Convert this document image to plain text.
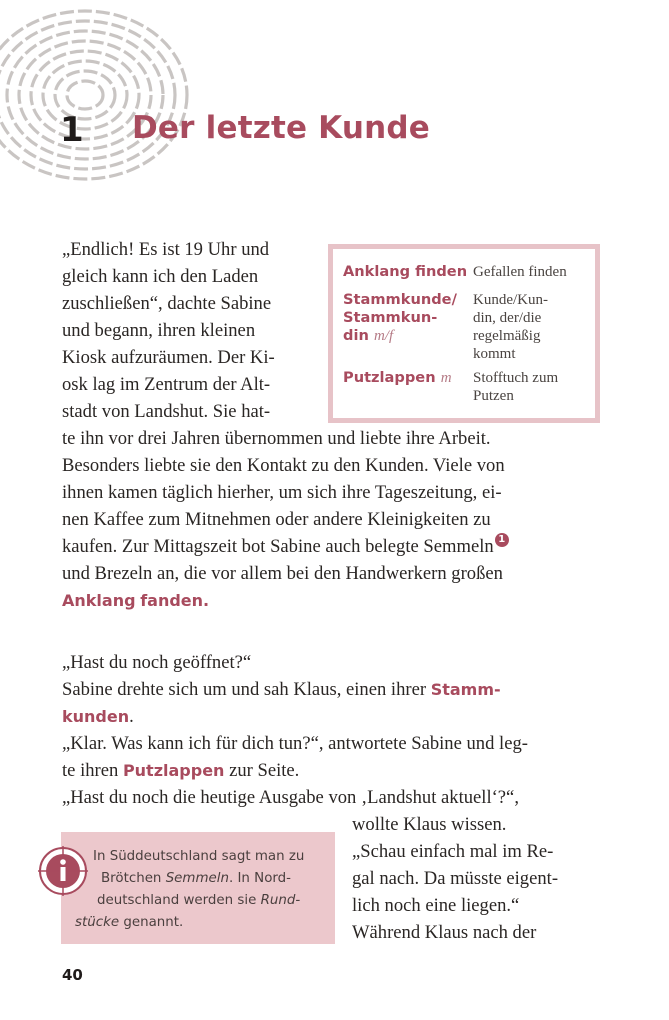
1 Der letzte Kunde
Anklang finden Gefallen finden
Stammkunde/
Stammkun-
din m/f
Kunde/Kun-
din, der/die
regelmäßig
kommt
Putzlappen m Stofftuch zum
Putzen
„Endlich! Es ist 19 Uhr und
gleich kann ich den Laden
zuschließen“, dachte Sabine
und begann, ihren kleinen
Kiosk aufzuräumen. Der Ki-
osk lag im Zentrum der Alt-
stadt von Landshut. Sie hat-
te ihn vor drei Jahren übernommen und liebte ihre Arbeit.
Besonders liebte sie den Kontakt zu den Kunden. Viele von
ihnen kamen täglich hierher, um sich ihre Tageszeitung, ei-
nen Kaffee zum Mitnehmen oder andere Kleinigkeiten zu
kaufen. Zur Mittagszeit bot Sabine auch belegte Semmeln 1
und Brezeln an, die vor allem bei den Handwerkern großen
Anklang fanden.
„Hast du noch geöffnet?“
Sabine drehte sich um und sah Klaus, einen ihrer Stamm-
kunden.
„Klar. Was kann ich für dich tun?“, antwortete Sabine und leg-
te ihren Putzlappen zur Seite.
„Hast du noch die heutige Ausgabe von ‚Landshut aktuell‘?“,
wollte Klaus wissen.
„Schau einfach mal im Re-
gal nach. Da müsste eigent-
lich noch eine liegen.“
Während Klaus nach der
In Süddeutschland sagt man zu
Brötchen Semmeln. In Nord-
deutschland werden sie Rund-
stücke genannt.
40
